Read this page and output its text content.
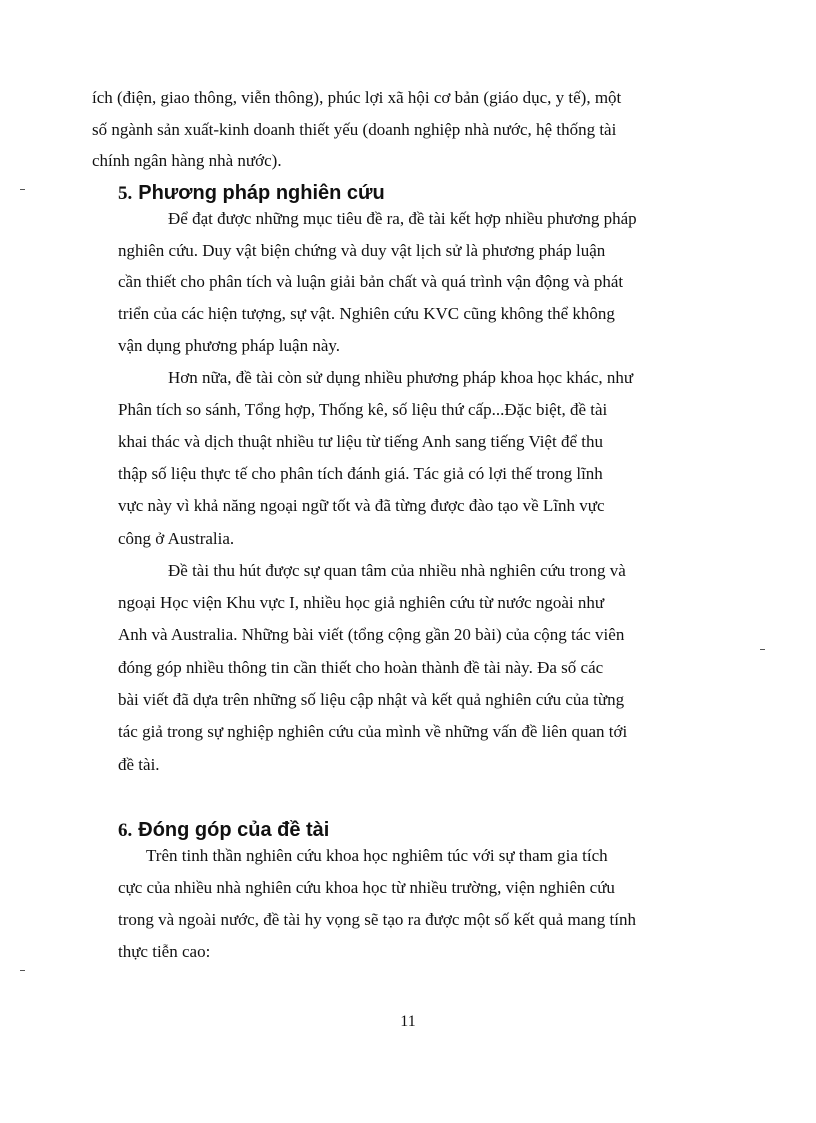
ích (điện, giao thông, viễn thông), phúc lợi xã hội cơ bản (giáo dục, y tế), một

số ngành sản xuất-kinh doanh thiết yếu (doanh nghiệp nhà nước, hệ thống tài

chính ngân hàng nhà nước).

5. Phương pháp nghiên cứu

Để đạt được những mục tiêu đề ra, đề tài kết hợp nhiều phương pháp

nghiên cứu. Duy vật biện chứng và duy vật lịch sử là phương pháp luận

cần thiết cho phân tích và luận giải bản chất và quá trình vận động và phát

triển của các hiện tượng, sự vật. Nghiên cứu KVC cũng không thể không

vận dụng phương pháp luận này.

Hơn nữa, đề tài còn sử dụng nhiều phương pháp khoa học khác, như

Phân tích so sánh, Tổng hợp, Thống kê, số liệu thứ cấp...Đặc biệt, đề tài

khai thác và dịch thuật nhiều tư liệu từ tiếng Anh sang tiếng Việt để thu

thập số liệu thực tế cho phân tích đánh giá. Tác giả có lợi thế trong lĩnh

vực này vì khả năng ngoại ngữ tốt và đã từng được đào tạo về Lĩnh vực

công ở Australia.

Đề tài thu hút được sự quan tâm của nhiều nhà nghiên cứu trong và

ngoại Học viện Khu vực I, nhiều học giả nghiên cứu từ nước ngoài như

Anh và Australia. Những bài viết (tổng cộng gần 20 bài) của cộng tác viên

đóng góp nhiều thông tin cần thiết cho hoàn thành đề tài này. Đa số các

bài viết đã dựa trên những số liệu cập nhật và kết quả nghiên cứu của từng

tác giả trong sự nghiệp nghiên cứu của mình về những vấn đề liên quan tới

đề tài.

6. Đóng góp của đề tài

Trên tinh thần nghiên cứu khoa học nghiêm túc với sự tham gia tích

cực của nhiều nhà nghiên cứu khoa học từ nhiều trường, viện nghiên cứu

trong và ngoài nước, đề tài hy vọng sẽ tạo ra được một số kết quả mang tính

thực tiễn cao:

11
